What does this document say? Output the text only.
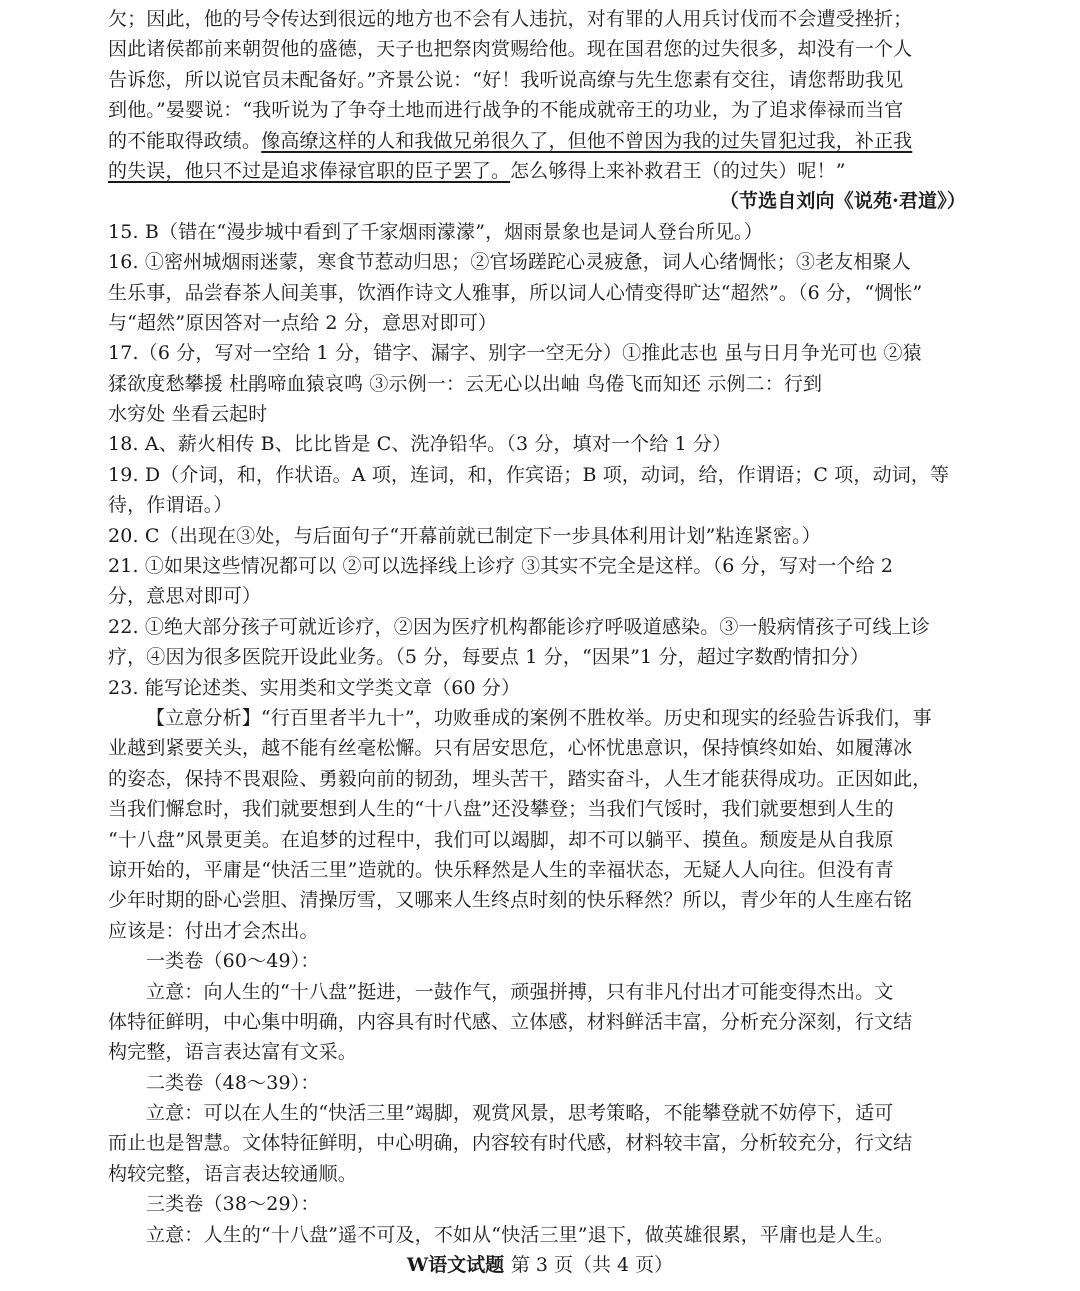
欠；因此，他的号令传达到很远的地方也不会有人违抗，对有罪的人用兵讨伐而不会遭受挫折；
因此诸侯都前来朝贺他的盛德，天子也把祭肉赏赐给他。现在国君您的过失很多，却没有一个人
告诉您，所以说官员未配备好。”齐景公说：“好！我听说高缭与先生您素有交往，请您帮助我见
到他。”晏婴说：“我听说为了争夺土地而进行战争的不能成就帝王的功业，为了追求俸禄而当官
的不能取得政绩。像高缭这样的人和我做兄弟很久了，但他不曾因为我的过失冒犯过我，补正我
的失误，他只不过是追求俸禄官职的臣子罢了。怎么够得上来补救君王（的过失）呢！”
（节选自刘向《说苑·君道》）
15. B（错在“漫步城中看到了千家烟雨濛濛”，烟雨景象也是词人登台所见。）
16. ①密州城烟雨迷蒙，寒食节惹动归思；②官场蹉跎心灵疲惫，词人心绪惆怅；③老友相聚人
生乐事，品尝春茶人间美事，饮酒作诗文人雅事，所以词人心情变得旷达“超然”。（6 分，“惆怅”
与“超然”原因答对一点给 2 分，意思对即可）
17.（6 分，写对一空给 1 分，错字、漏字、别字一空无分）①推此志也 虽与日月争光可也 ②猿
猱欲度愁攀援 杜鹃啼血猿哀鸣 ③示例一：云无心以出岫 鸟倦飞而知还 示例二：行到
水穷处 坐看云起时
18. A、薪火相传 B、比比皆是 C、洗净铅华。（3 分，填对一个给 1 分）
19. D（介词，和，作状语。A 项，连词，和，作宾语；B 项，动词，给，作谓语；C 项，动词，等
待，作谓语。）
20. C（出现在③处，与后面句子“开幕前就已制定下一步具体利用计划”粘连紧密。）
21. ①如果这些情况都可以 ②可以选择线上诊疗 ③其实不完全是这样。（6 分，写对一个给 2
分，意思对即可）
22. ①绝大部分孩子可就近诊疗，②因为医疗机构都能诊疗呼吸道感染。③一般病情孩子可线上诊
疗，④因为很多医院开设此业务。（5 分，每要点 1 分，“因果”1 分，超过字数酌情扣分）
23. 能写论述类、实用类和文学类文章（60 分）
【立意分析】“行百里者半九十”，功败垂成的案例不胜枚举。历史和现实的经验告诉我们，事
业越到紧要关头，越不能有丝毫松懈。只有居安思危，心怀忧患意识，保持慎终如始、如履薄冰
的姿态，保持不畏艰险、勇毅向前的韧劲，埋头苦干，踏实奋斗，人生才能获得成功。正因如此，
当我们懈怠时，我们就要想到人生的“十八盘”还没攀登；当我们气馁时，我们就要想到人生的
“十八盘”风景更美。在追梦的过程中，我们可以竭脚，却不可以躺平、摸鱼。颓废是从自我原
谅开始的，平庸是“快活三里”造就的。快乐释然是人生的幸福状态，无疑人人向往。但没有青
少年时期的卧心尝胆、清操厉雪，又哪来人生终点时刻的快乐释然？所以，青少年的人生座右铭
应该是：付出才会杰出。
一类卷（60～49）：
立意：向人生的“十八盘”挺进，一鼓作气，顽强拼搏，只有非凡付出才可能变得杰出。文
体特征鲜明，中心集中明确，内容具有时代感、立体感，材料鲜活丰富，分析充分深刻，行文结
构完整，语言表达富有文采。
二类卷（48～39）：
立意：可以在人生的“快活三里”竭脚，观赏风景，思考策略，不能攀登就不妨停下，适可
而止也是智慧。文体特征鲜明，中心明确，内容较有时代感，材料较丰富，分析较充分，行文结
构较完整，语言表达较通顺。
三类卷（38～29）：
立意：人生的“十八盘”遥不可及，不如从“快活三里”退下，做英雄很累，平庸也是人生。
W语文试题 第 3 页（共 4 页）
